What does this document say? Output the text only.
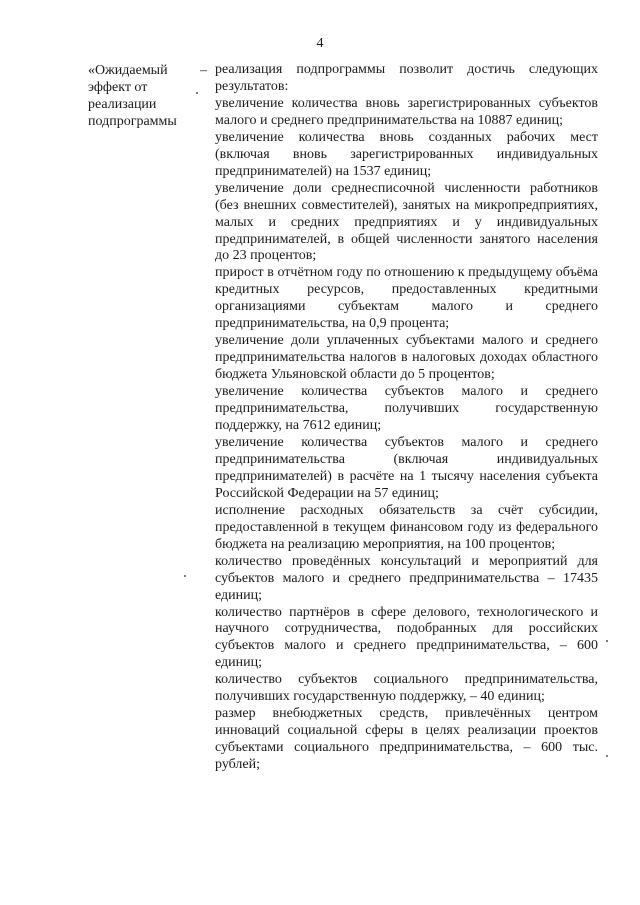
4
«Ожидаемый
эффект от
реализации
подпрограммы
– реализация подпрограммы позволит достичь следующих результатов:

увеличение количества вновь зарегистрированных субъектов малого и среднего предпринимательства на 10887 единиц;

увеличение количества вновь созданных рабочих мест (включая вновь зарегистрированных индивидуальных предпринимателей) на 1537 единиц;

увеличение доли среднесписочной численности работников (без внешних совместителей), занятых на микропредприятиях, малых и средних предприятиях и у индивидуальных предпринимателей, в общей численности занятого населения до 23 процентов;

прирост в отчётном году по отношению к предыдущему объёма кредитных ресурсов, предоставленных кредитными организациями субъектам малого и среднего предпринимательства, на 0,9 процента;

увеличение доли уплаченных субъектами малого и среднего предпринимательства налогов в налоговых доходах областного бюджета Ульяновской области до 5 процентов;

увеличение количества субъектов малого и среднего предпринимательства, получивших государственную поддержку, на 7612 единиц;

увеличение количества субъектов малого и среднего предпринимательства (включая индивидуальных предпринимателей) в расчёте на 1 тысячу населения субъекта Российской Федерации на 57 единиц;

исполнение расходных обязательств за счёт субсидии, предоставленной в текущем финансовом году из федерального бюджета на реализацию мероприятия, на 100 процентов;

количество проведённых консультаций и мероприятий для субъектов малого и среднего предпринимательства – 17435 единиц;

количество партнёров в сфере делового, технологического и научного сотрудничества, подобранных для российских субъектов малого и среднего предпринимательства, – 600 единиц;

количество субъектов социального предпринимательства, получивших государственную поддержку, – 40 единиц;

размер внебюджетных средств, привлечённых центром инноваций социальной сферы в целях реализации проектов субъектами социального предпринимательства, – 600 тыс. рублей;
